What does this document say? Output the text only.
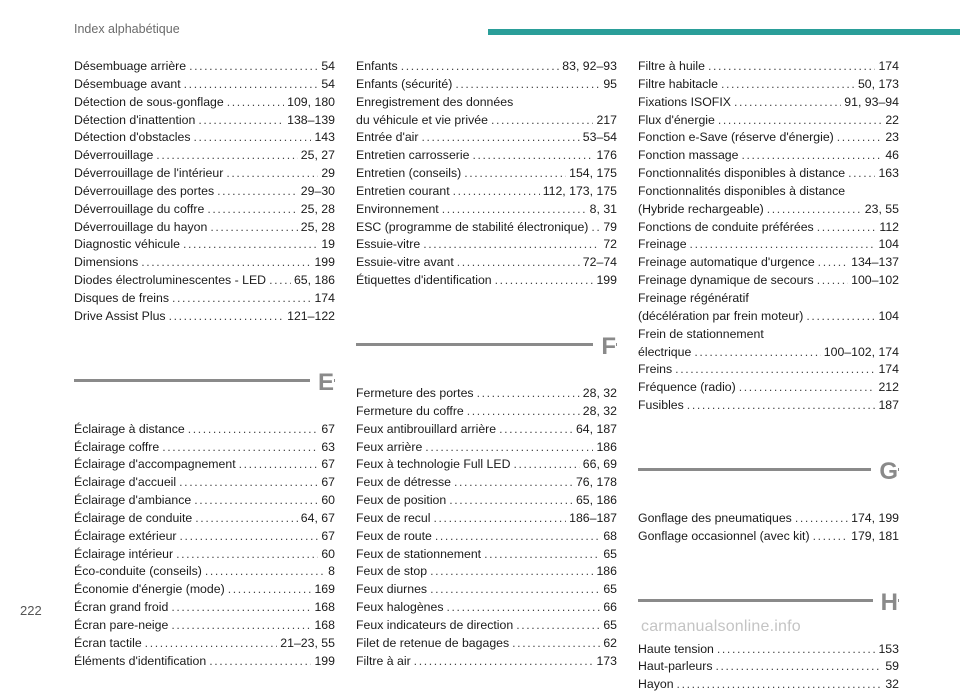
Index alphabétique
Désembuage arrière .....	54
Désembuage avant .....	54
Détection de sous-gonflage .....	109, 180
Détection d'inattention .....	138–139
Détection d'obstacles .....	143
Déverrouillage .....	25, 27
Déverrouillage de l'intérieur .....	29
Déverrouillage des portes .....	29–30
Déverrouillage du coffre .....	25, 28
Déverrouillage du hayon .....	25, 28
Diagnostic véhicule .....	19
Dimensions .....	199
Diodes électroluminescentes - LED ..... 65, 186
Disques de freins .....	174
Drive Assist Plus .....	121–122
E
Éclairage à distance .....	67
Éclairage coffre .....	63
Éclairage d'accompagnement .....	67
Éclairage d'accueil .....	67
Éclairage d'ambiance .....	60
Éclairage de conduite .....	64, 67
Éclairage extérieur .....	67
Éclairage intérieur .....	60
Éco-conduite (conseils) .....	8
Économie d'énergie (mode) .....	169
Écran grand froid .....	168
Écran pare-neige .....	168
Écran tactile .....	21–23, 55
Éléments d'identification .....	199
Enfants .....	83, 92–93
Enfants (sécurité) .....	95
Enregistrement des données
du véhicule et vie privée .....	217
Entrée d'air .....	53–54
Entretien carrosserie .....	176
Entretien (conseils) .....	154, 175
Entretien courant .....	112, 173, 175
Environnement .....	8, 31
ESC (programme de stabilité électronique) ..... 79
Essuie-vitre .....	72
Essuie-vitre avant .....	72–74
Étiquettes d'identification .....	199
F
Fermeture des portes .....	28, 32
Fermeture du coffre .....	28, 32
Feux antibrouillard arrière .....	64, 187
Feux arrière .....	186
Feux à technologie Full LED .....	66, 69
Feux de détresse .....	76, 178
Feux de position .....	65, 186
Feux de recul .....	186–187
Feux de route .....	68
Feux de stationnement .....	65
Feux de stop .....	186
Feux diurnes .....	65
Feux halogènes .....	66
Feux indicateurs de direction .....	65
Filet de retenue de bagages .....	62
Filtre à air .....	173
Filtre à huile .....	174
Filtre habitacle .....	50, 173
Fixations ISOFIX .....	91, 93–94
Flux d'énergie .....	22
Fonction e-Save (réserve d'énergie) .....	23
Fonction massage .....	46
Fonctionnalités disponibles à distance .....	163
Fonctionnalités disponibles à distance
(Hybride rechargeable) .....	23, 55
Fonctions de conduite préférées .....	112
Freinage .....	104
Freinage automatique d'urgence .....	134–137
Freinage dynamique de secours .....	100–102
Freinage régénératif
(décélération par frein moteur) .....	104
Frein de stationnement
électrique .....	100–102, 174
Freins .....	174
Fréquence (radio) .....	212
Fusibles .....	187
G
Gonflage des pneumatiques .....	174, 199
Gonflage occasionnel (avec kit) .....	179, 181
H
Haute tension .....	153
Haut-parleurs .....	59
Hayon .....	32
222
carmanualsonline.info
